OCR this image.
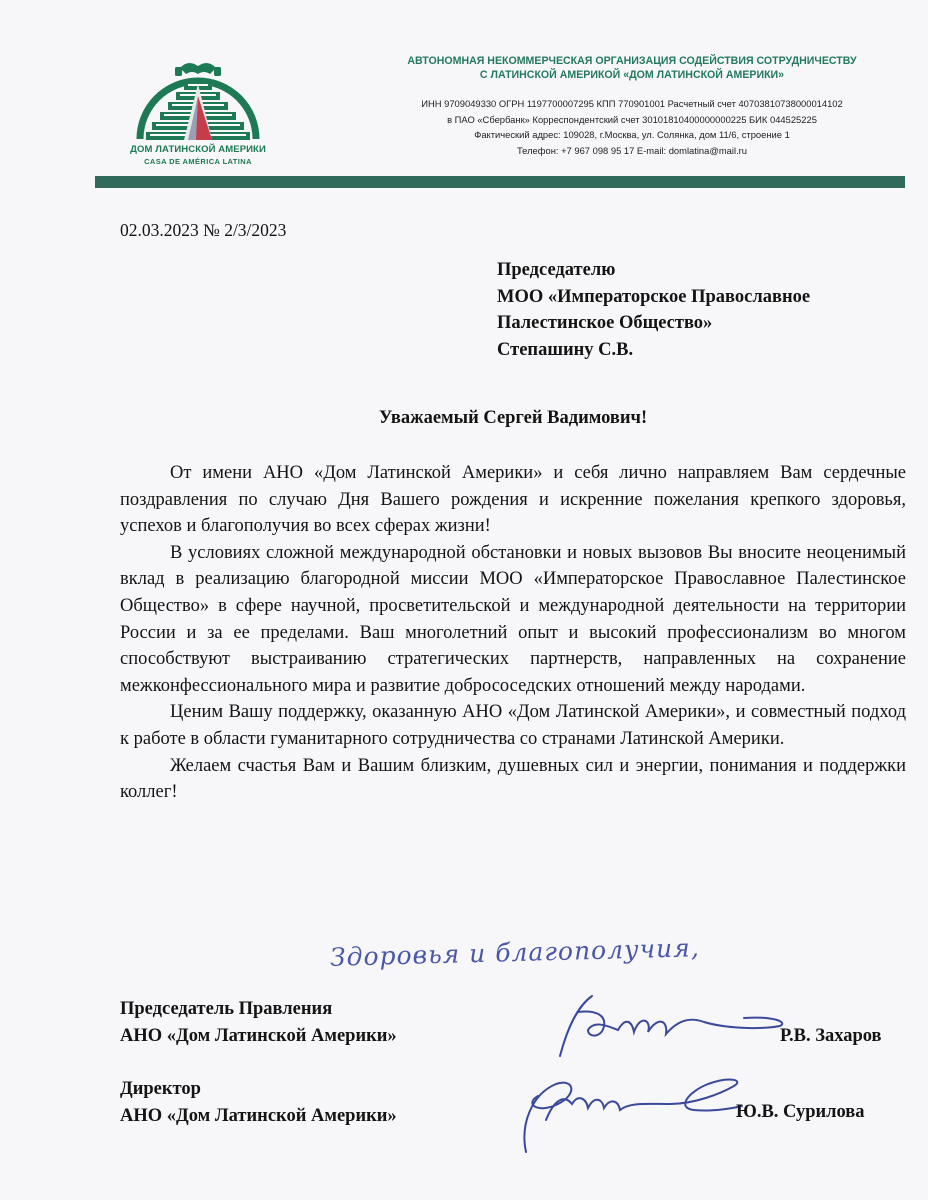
ДОМ ЛАТИНСКОЙ АМЕРИКИ
CASA DE AMÉRICA LATINA
АВТОНОМНАЯ НЕКОММЕРЧЕСКАЯ ОРГАНИЗАЦИЯ СОДЕЙСТВИЯ СОТРУДНИЧЕСТВУ
С ЛАТИНСКОЙ АМЕРИКОЙ «ДОМ ЛАТИНСКОЙ АМЕРИКИ»
ИНН 9709049330 ОГРН 1197700007295 КПП 770901001 Расчетный счет 40703810738000014102
в ПАО «Сбербанк» Корреспондентский счет 30101810400000000225 БИК 044525225
Фактический адрес: 109028, г.Москва, ул. Солянка, дом 11/6, строение 1
Телефон: +7 967 098 95 17 E-mail: domlatina@mail.ru
02.03.2023 № 2/3/2023
Председателю
МОО «Императорское Православное
Палестинское Общество»
Степашину С.В.
Уважаемый Сергей Вадимович!

От имени АНО «Дом Латинской Америки» и себя лично направляем Вам сердечные поздравления по случаю Дня Вашего рождения и искренние пожелания крепкого здоровья, успехов и благополучия во всех сферах жизни!

В условиях сложной международной обстановки и новых вызовов Вы вносите неоценимый вклад в реализацию благородной миссии МОО «Императорское Православное Палестинское Общество» в сфере научной, просветительской и международной деятельности на территории России и за ее пределами. Ваш многолетний опыт и высокий профессионализм во многом способствуют выстраиванию стратегических партнерств, направленных на сохранение межконфессионального мира и развитие добрососедских отношений между народами.

Ценим Вашу поддержку, оказанную АНО «Дом Латинской Америки», и совместный подход к работе в области гуманитарного сотрудничества со странами Латинской Америки.

Желаем счастья Вам и Вашим близким, душевных сил и энергии, понимания и поддержки коллег!

Здоровья и благополучия,
Председатель Правления
АНО «Дом Латинской Америки»	Р.В. Захаров
Директор
АНО «Дом Латинской Америки»	Ю.В. Сурилова
